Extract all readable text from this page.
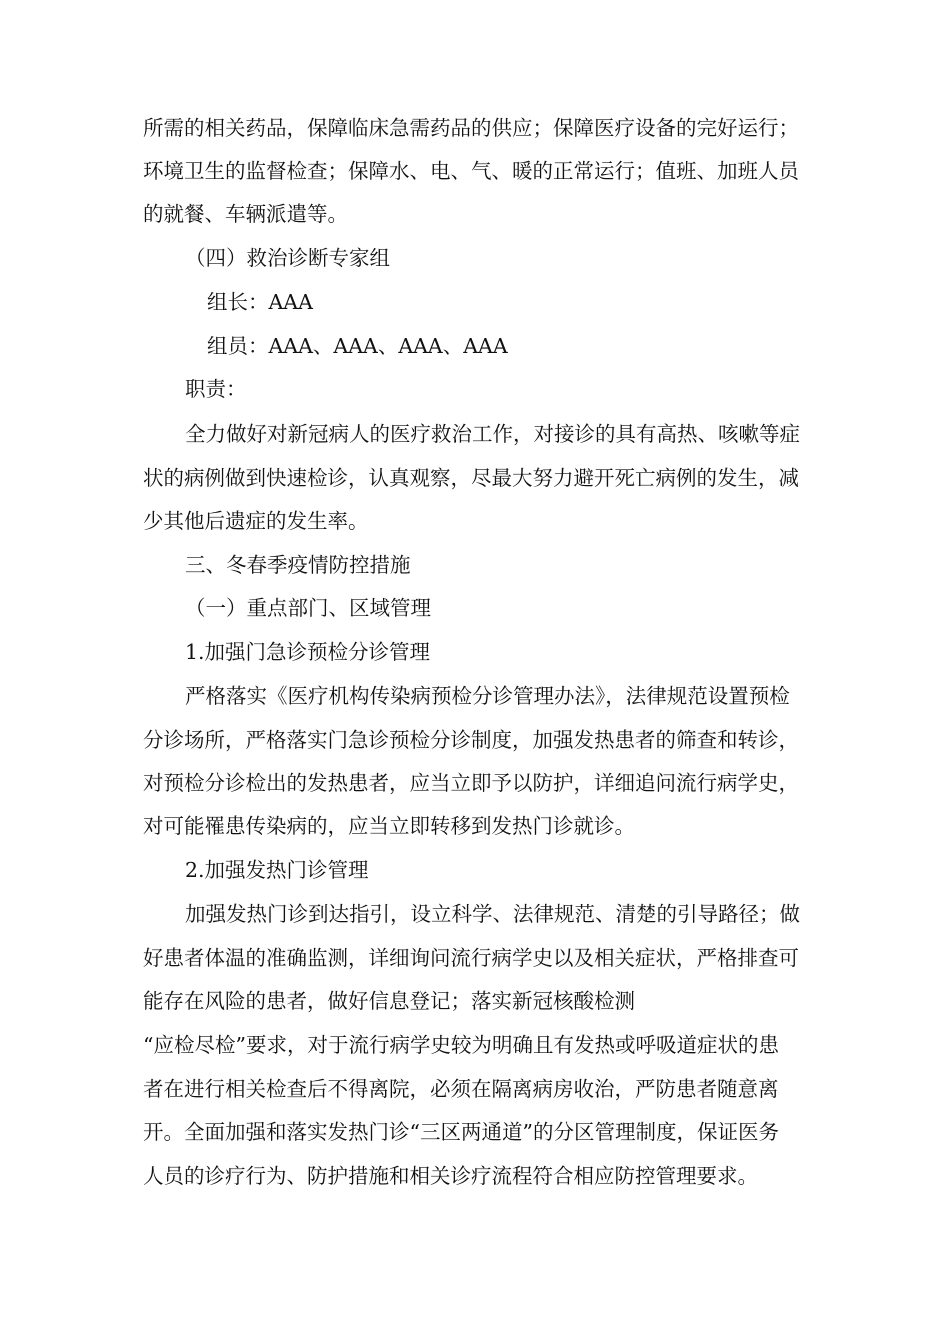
所需的相关药品，保障临床急需药品的供应；保障医疗设备的完好运行；
环境卫生的监督检查；保障水、电、气、暖的正常运行；值班、加班人员
的就餐、车辆派遣等。
（四）救治诊断专家组
组长：AAA
组员：AAA、AAA、AAA、AAA
职责：
全力做好对新冠病人的医疗救治工作，对接诊的具有高热、咳嗽等症
状的病例做到快速检诊，认真观察，尽最大努力避开死亡病例的发生，减
少其他后遗症的发生率。
三、冬春季疫情防控措施
（一）重点部门、区域管理
1.加强门急诊预检分诊管理
严格落实《医疗机构传染病预检分诊管理办法》，法律规范设置预检
分诊场所，严格落实门急诊预检分诊制度，加强发热患者的筛查和转诊，
对预检分诊检出的发热患者，应当立即予以防护，详细追问流行病学史，
对可能罹患传染病的，应当立即转移到发热门诊就诊。
2.加强发热门诊管理
加强发热门诊到达指引，设立科学、法律规范、清楚的引导路径；做
好患者体温的准确监测，详细询问流行病学史以及相关症状，严格排查可
能存在风险的患者，做好信息登记；落实新冠核酸检测
“应检尽检”要求，对于流行病学史较为明确且有发热或呼吸道症状的患
者在进行相关检查后不得离院，必须在隔离病房收治，严防患者随意离
开。全面加强和落实发热门诊“三区两通道”的分区管理制度，保证医务
人员的诊疗行为、防护措施和相关诊疗流程符合相应防控管理要求。
